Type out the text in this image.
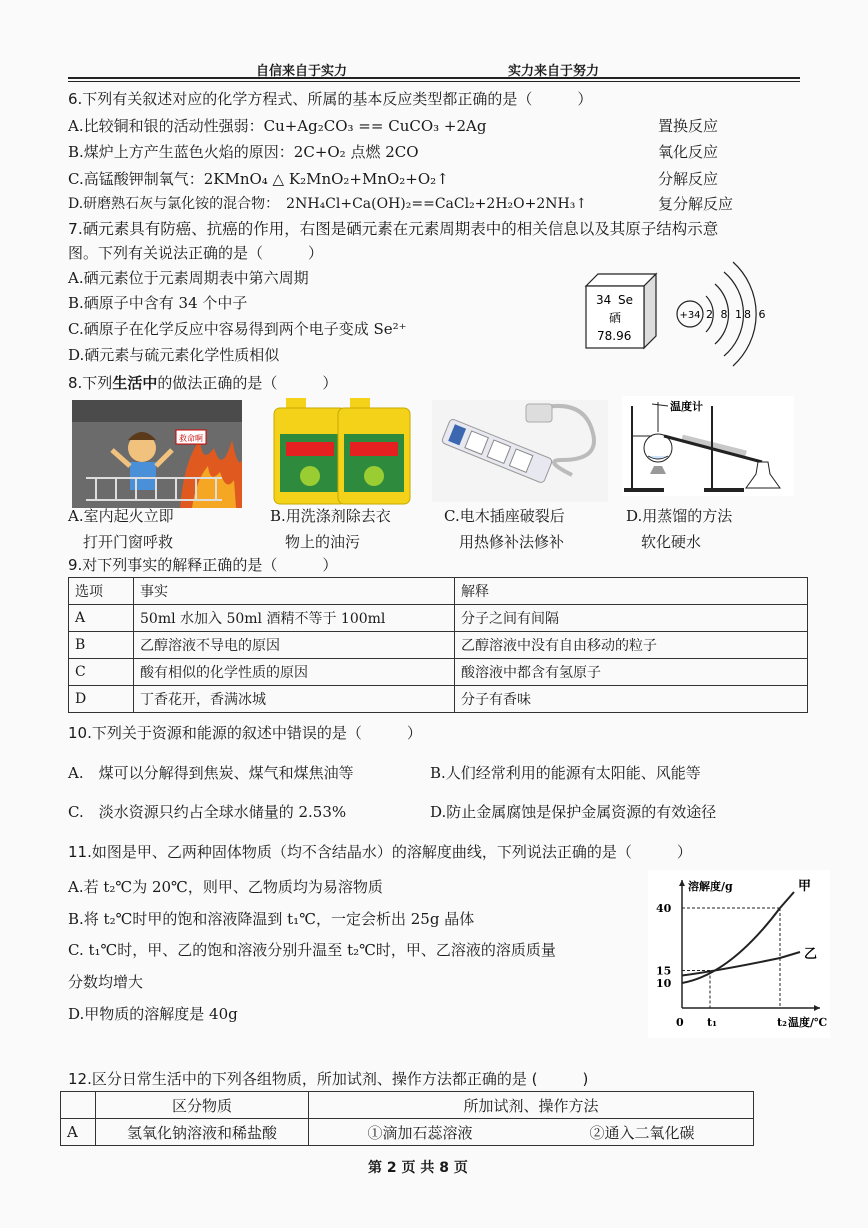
自信来自于实力	实力来自于努力
6.下列有关叙述对应的化学方程式、所属的基本反应类型都正确的是（　　　）
A.比较铜和银的活动性强弱：Cu+Ag₂CO₃ == CuCO₃ +2Ag	置换反应
B.煤炉上方产生蓝色火焰的原因：2C+O₂ 点燃 2CO	氧化反应
C.高锰酸钾制氧气：2KMnO₄ △ K₂MnO₂+MnO₂+O₂↑	分解反应
D.研磨熟石灰与氯化铵的混合物：　2NH₄Cl+Ca(OH)₂==CaCl₂+2H₂O+2NH₃↑	复分解反应
7.硒元素具有防癌、抗癌的作用，右图是硒元素在元素周期表中的相关信息以及其原子结构示意
图。下列有关说法正确的是（　　　）
A.硒元素位于元素周期表中第六周期
B.硒原子中含有 34 个中子
C.硒原子在化学反应中容易得到两个电子变成 Se²⁺
D.硒元素与硫元素化学性质相似
34 Se
硒
78.96
+34 2 8 18 6
8.下列生活中的做法正确的是（　　　）
救命啊
温度计
A.室内起火立即
　打开门窗呼救
B.用洗涤剂除去衣
　物上的油污
C.电木插座破裂后
　用热修补法修补
D.用蒸馏的方法
　软化硬水
9.对下列事实的解释正确的是（　　　）
选项	事实	解释
A	50ml 水加入 50ml 酒精不等于 100ml	分子之间有间隔
B	乙醇溶液不导电的原因	乙醇溶液中没有自由移动的粒子
C	酸有相似的化学性质的原因	酸溶液中都含有氢原子
D	丁香花开，香满冰城	分子有香味
10.下列关于资源和能源的叙述中错误的是（　　　）
A.　煤可以分解得到焦炭、煤气和煤焦油等	B.人们经常利用的能源有太阳能、风能等
C.　淡水资源只约占全球水储量的 2.53%	D.防止金属腐蚀是保护金属资源的有效途径
11.如图是甲、乙两种固体物质（均不含结晶水）的溶解度曲线，下列说法正确的是（　　　）
A.若 t₂℃为 20℃，则甲、乙物质均为易溶物质
B.将 t₂℃时甲的饱和溶液降温到 t₁℃，一定会析出 25g 晶体
C. t₁℃时，甲、乙的饱和溶液分别升温至 t₂℃时，甲、乙溶液的溶质质量
分数均增大
D.甲物质的溶解度是 40g
溶解度/g
温度/℃
0 t₁	t₂
10
15
40
甲
乙
12.区分日常生活中的下列各组物质，所加试剂、操作方法都正确的是 (　　　)
	区分物质	所加试剂、操作方法	
A	氢氧化钠溶液和稀盐酸	①滴加石蕊溶液	②通入二氧化碳
第 2 页 共 8 页
